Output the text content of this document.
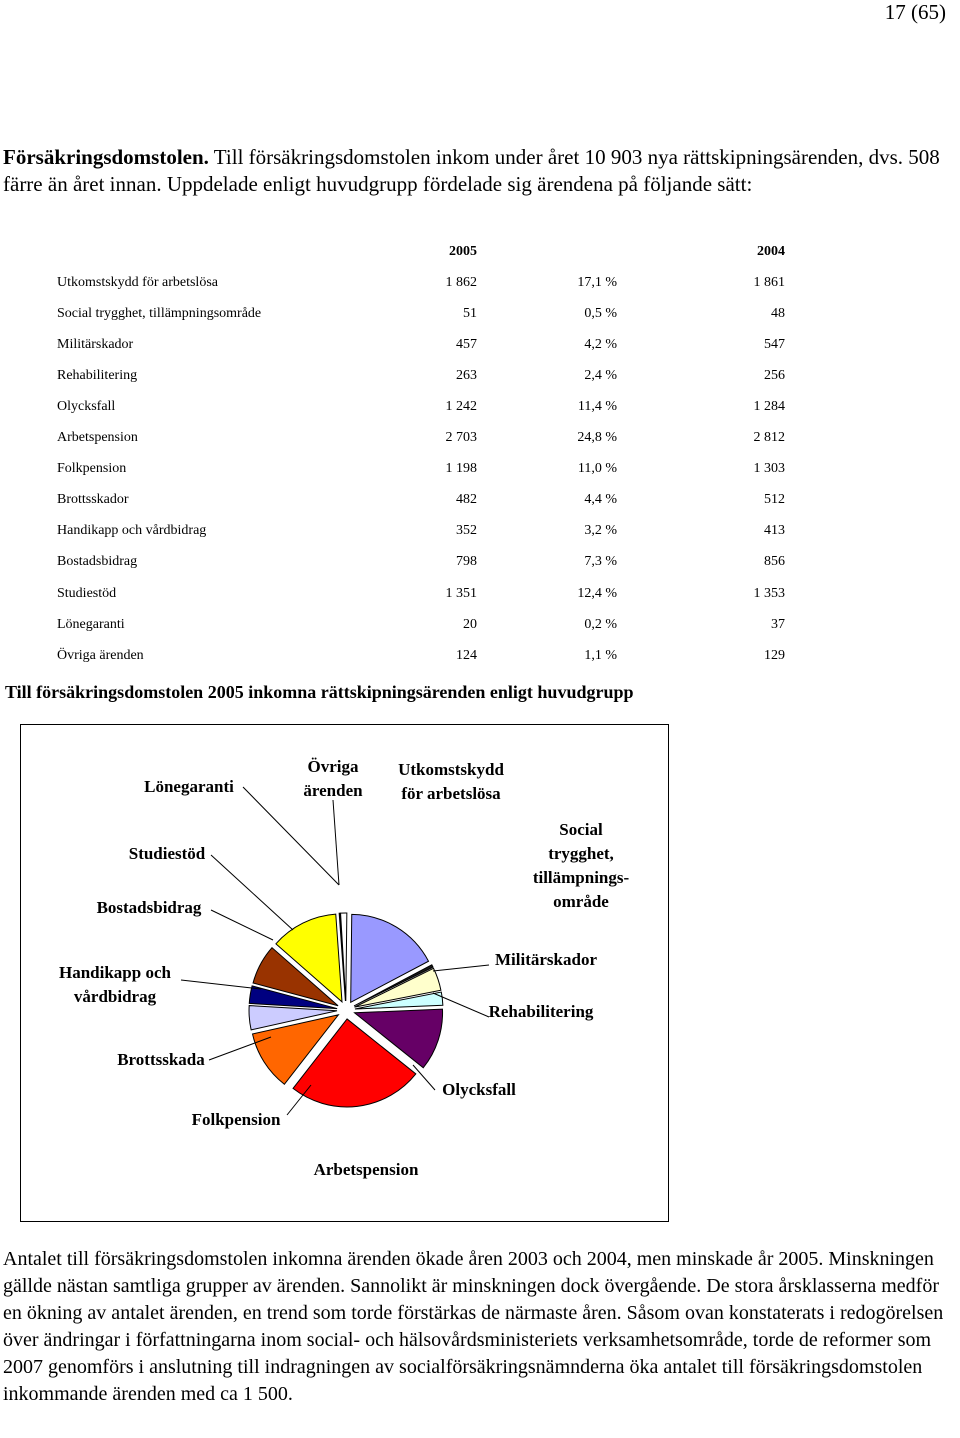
17 (65)

Försäkringsdomstolen. Till försäkringsdomstolen inkom under året 10 903 nya rättskipningsärenden, dvs. 508 färre än året innan. Uppdelade enligt huvudgrupp fördelade sig ärendena på följande sätt:

	2005		2004
Utkomstskydd för arbetslösa	1 862	17,1 %	1 861
Social trygghet, tillämpningsområde	51	0,5 %	48
Militärskador	457	4,2 %	547
Rehabilitering	263	2,4 %	256
Olycksfall	1 242	11,4 %	1 284
Arbetspension	2 703	24,8 %	2 812
Folkpension	1 198	11,0 %	1 303
Brottsskador	482	4,4 %	512
Handikapp och vårdbidrag	352	3,2 %	413
Bostadsbidrag	798	7,3 %	856
Studiestöd	1 351	12,4 %	1 353
Lönegaranti	20	0,2 %	37
Övriga ärenden	124	1,1 %	129
Till försäkringsdomstolen 2005 inkomna rättskipningsärenden enligt huvudgrupp
Utkomstskydd för arbetslösa
Social trygghet, tillämpnings-område
Militärskador
Rehabilitering
Olycksfall
Arbetspension
Folkpension
Brottsskada
Handikapp och vårdbidrag
Bostadsbidrag
Studiestöd
Lönegaranti
Övriga ärenden

Antalet till försäkringsdomstolen inkomna ärenden ökade åren 2003 och 2004, men minskade år 2005. Minskningen gällde nästan samtliga grupper av ärenden. Sannolikt är minskningen dock övergående. De stora årsklasserna medför en ökning av antalet ärenden, en trend som torde förstärkas de närmaste åren. Såsom ovan konstaterats i redogörelsen över ändringar i författningarna inom social- och hälsovårdsministeriets verksamhetsområde, torde de reformer som 2007 genomförs i anslutning till indragningen av socialförsäkringsnämnderna öka antalet till försäkringsdomstolen inkommande ärenden med ca 1 500.
